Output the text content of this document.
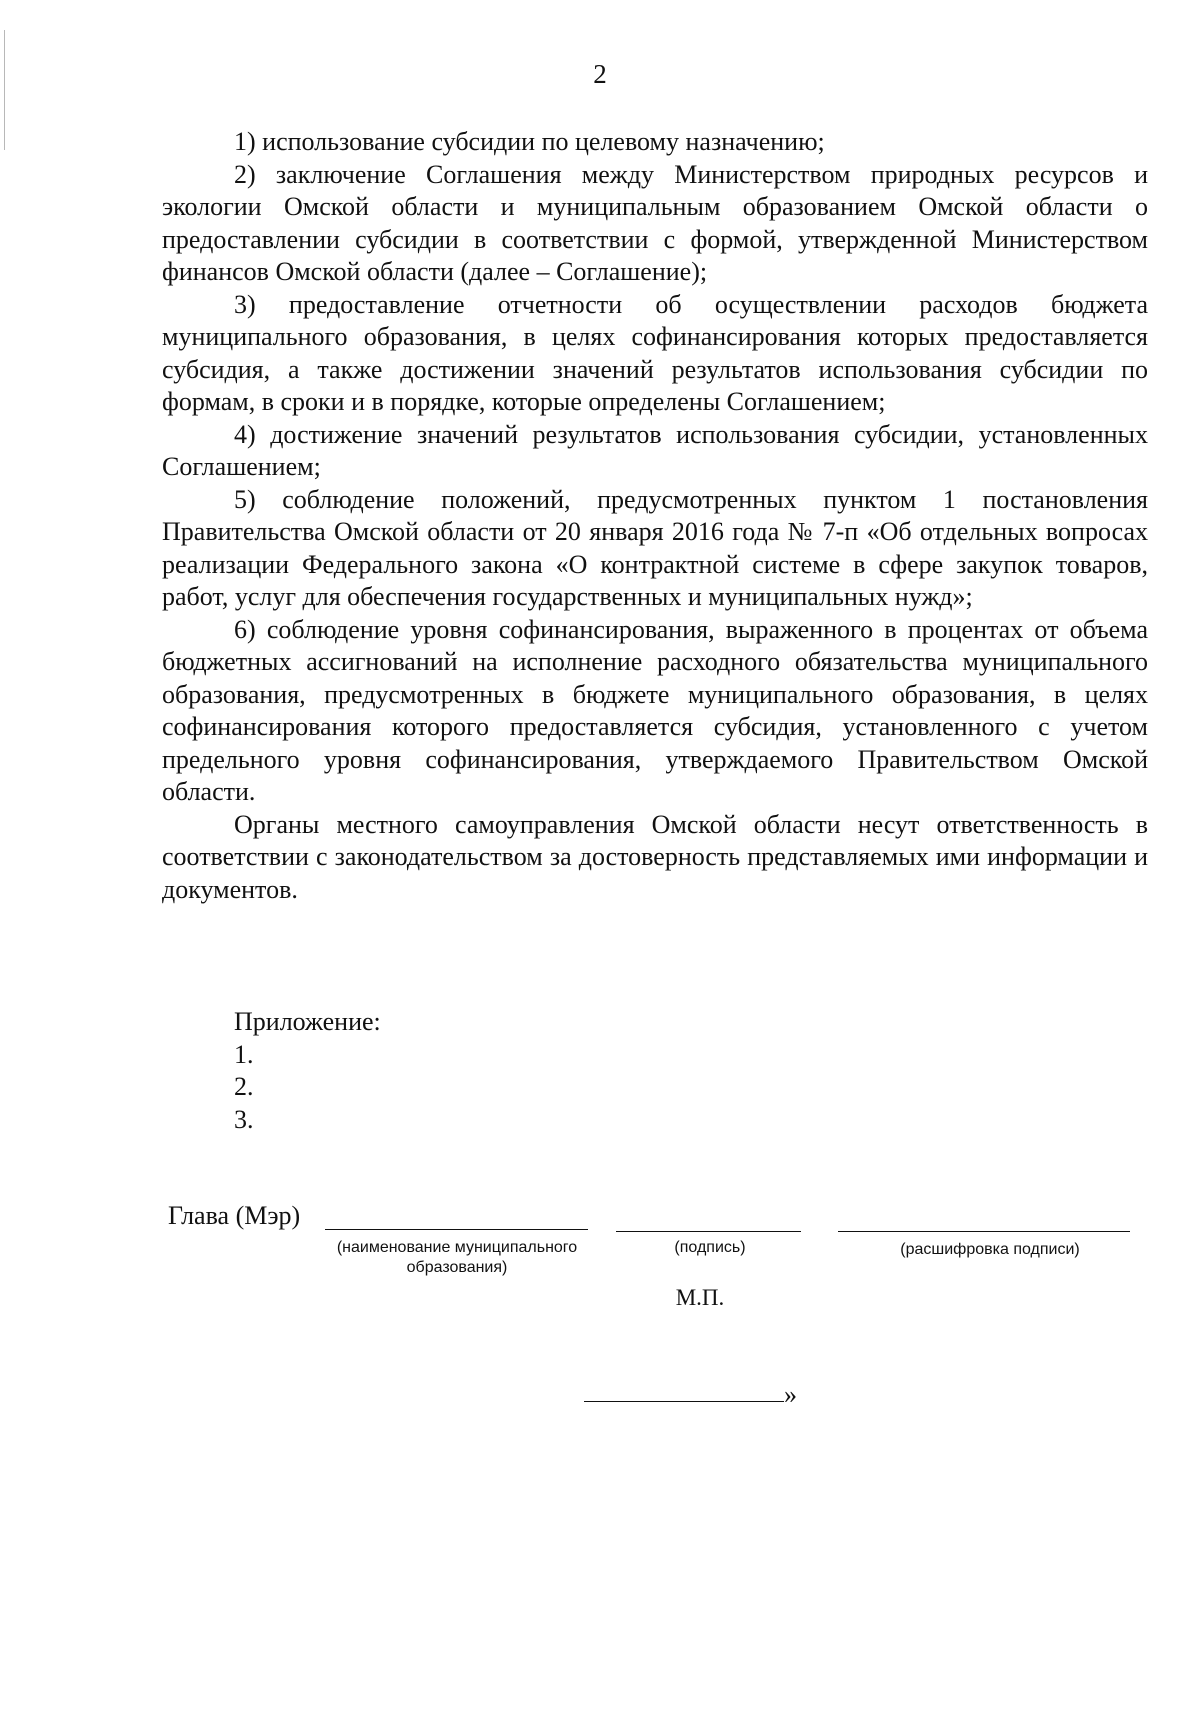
2

1) использование субсидии по целевому назначению;

2) заключение Соглашения между Министерством природных ресурсов и экологии Омской области и муниципальным образованием Омской области о предоставлении субсидии в соответствии с формой, утвержденной Министерством финансов Омской области (далее – Соглашение);

3) предоставление отчетности об осуществлении расходов бюджета муниципального образования, в целях софинансирования которых предоставляется субсидия, а также достижении значений результатов использования субсидии по формам, в сроки и в порядке, которые определены Соглашением;

4) достижение значений результатов использования субсидии, установленных Соглашением;

5) соблюдение положений, предусмотренных пунктом 1 постановления Правительства Омской области от 20 января 2016 года № 7-п «Об отдельных вопросах реализации Федерального закона «О контрактной системе в сфере закупок товаров, работ, услуг для обеспечения государственных и муниципальных нужд»;

6) соблюдение уровня софинансирования, выраженного в процентах от объема бюджетных ассигнований на исполнение расходного обязательства муниципального образования, предусмотренных в бюджете муниципального образования, в целях софинансирования которого предоставляется субсидия, установленного с учетом предельного уровня софинансирования, утверждаемого Правительством Омской области.

Органы местного самоуправления Омской области несут ответственность в соответствии с законодательством за достоверность представляемых ими информации и документов.

Приложение:
1.
2.
3.
Глава (Мэр)
(наименование муниципального образования)
(подпись)	(расшифровка подписи)
М.П.
»
